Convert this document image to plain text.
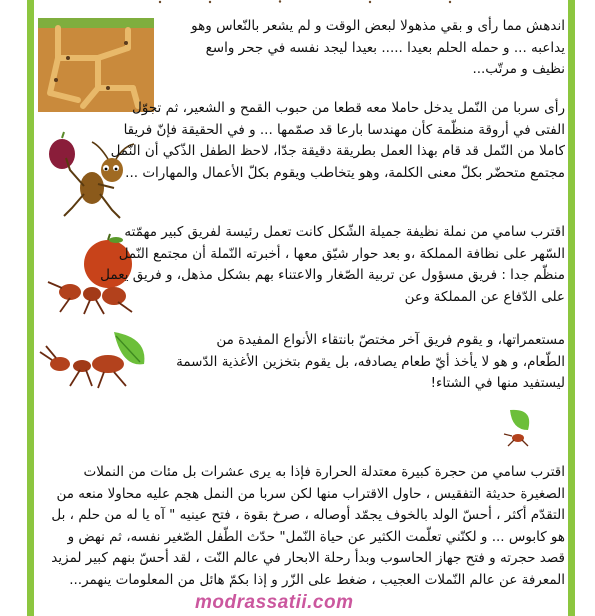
اندهش مما رأى و بقي مذهولا لبعض الوقت و لم يشعر بالنّعاس وهو يداعبه ... و حمله الحلم بعيدا ..... بعيدا ليجد نفسه في جحر واسع نظيف و مرتّب...

رأى سربا من النّمل يدخل حاملا معه قطعا من حبوب القمح و الشعير، ثم تجوّل الفتى في أروقة منظّمة كأن مهندسا بارعا قد صمّمها ... و في الحقيقة فإنّ فريقا كاملا من النّمل قد قام بهذا العمل بطريقة دقيقة جدّا، لاحظ الطفل الذّكي أن النّمل مجتمع متحضّر بكلّ معنى الكلمة، وهو يتخاطب ويقوم بكلّ الأعمال والمهارات ...

اقترب سامي من نملة نظيفة جميلة الشّكل كانت تعمل رئيسة لفريق كبير مهمّته السّهر على نظافة المملكة ،و بعد حوار شيّق معها ، أخبرته النّملة أن مجتمع النّمل منظّم جدا : فريق مسؤول عن تربية الصّغار والاعتناء بهم بشكل مذهل، و فريق يعمل على الدّفاع عن المملكة وعن

مستعمراتها، و يقوم فريق آخر مختصّ بانتقاء الأنواع المفيدة من الطّعام، و هو لا يأخذ أيّ طعام يصادفه، بل يقوم بتخزين الأغذية الدّسمة ليستفيد منها في الشتاء!

اقترب سامي من حجرة كبيرة معتدلة الحرارة فإذا به يرى عشرات بل مئات من النملات الصغيرة حديثة التفقيس ، حاول الاقتراب منها لكن سربا من النمل هجم عليه محاولا منعه من التقدّم أكثر ، أحسّ الولد بالخوف يجمّد أوصاله ، صرخ بقوة ، فتح عينيه " آه يا له من حلم ، بل هو كابوس ... و لكنّني تعلّمت الكثير عن حياة النّمل" حدّث الطّفل الصّغير نفسه، ثم نهض و قصد حجرته و فتح جهاز الحاسوب وبدأ رحلة الابحار في عالم النّت ، لقد أحسّ بنهم كبير لمزيد المعرفة عن عالم النّملات العجيب ، ضغط على الزّر و إذا بكمّ هائل من المعلومات ينهمر...

modrassatii.com
